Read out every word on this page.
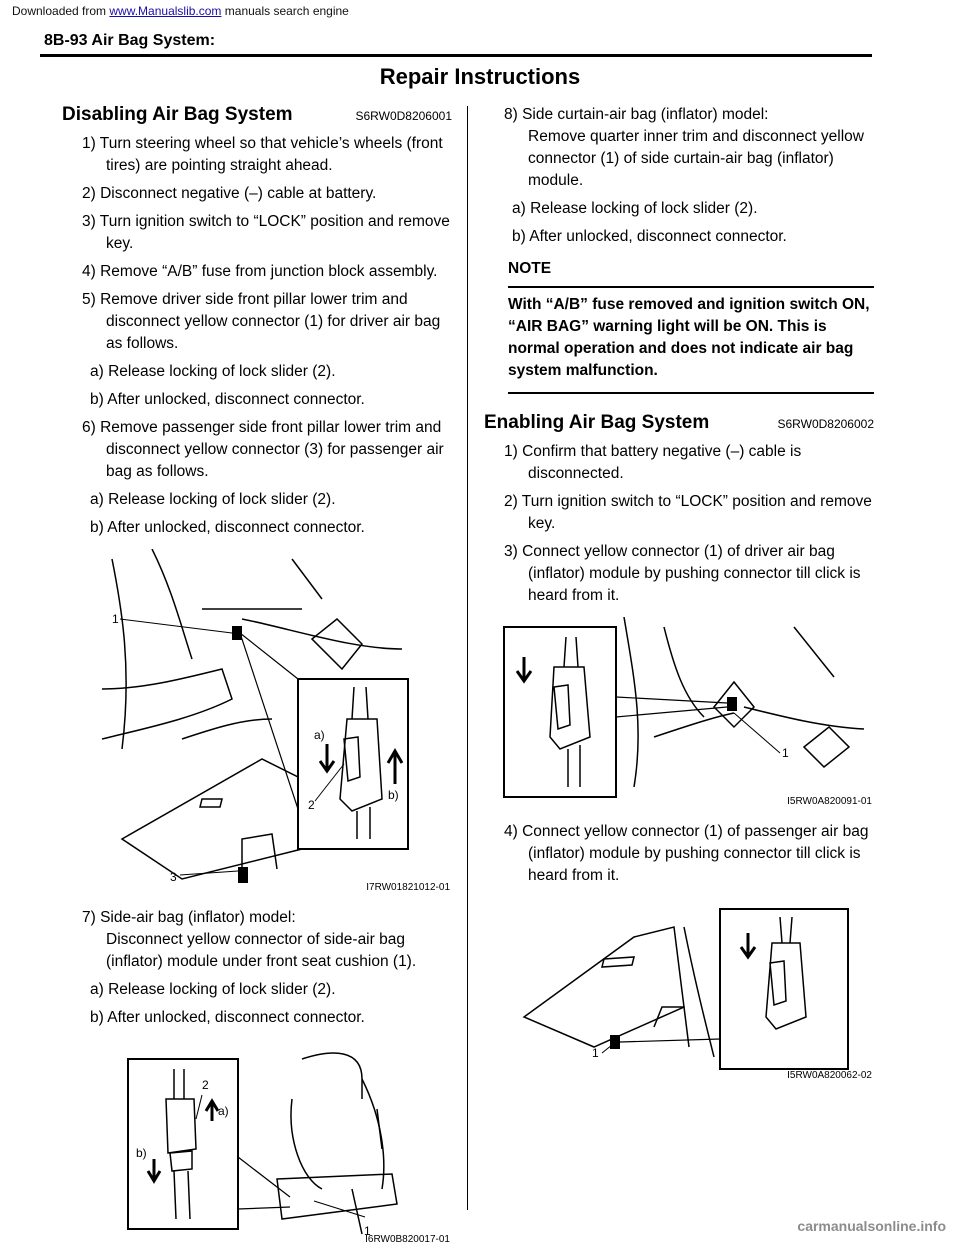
Downloaded from www.Manualslib.com manuals search engine
8B-93 Air Bag System:
Repair Instructions
Disabling Air Bag System	S6RW0D8206001

1) Turn steering wheel so that vehicle’s wheels (front tires) are pointing straight ahead.

2) Disconnect negative (–) cable at battery.

3) Turn ignition switch to “LOCK” position and remove key.

4) Remove “A/B” fuse from junction block assembly.

5) Remove driver side front pillar lower trim and disconnect yellow connector (1) for driver air bag as follows.

a) Release locking of lock slider (2).

b) After unlocked, disconnect connector.

6) Remove passenger side front pillar lower trim and disconnect yellow connector (3) for passenger air bag as follows.

a) Release locking of lock slider (2).

b) After unlocked, disconnect connector.

1
2
3
a)
b)
I7RW01821012-01

7) Side-air bag (inflator) model:
Disconnect yellow connector of side-air bag (inflator) module under front seat cushion (1).

a) Release locking of lock slider (2).

b) After unlocked, disconnect connector.

2
a)
b)
1
I6RW0B820017-01

8) Side curtain-air bag (inflator) model:
Remove quarter inner trim and disconnect yellow connector (1) of side curtain-air bag (inflator) module.

a) Release locking of lock slider (2).

b) After unlocked, disconnect connector.

NOTE
With “A/B” fuse removed and ignition switch ON, “AIR BAG” warning light will be ON. This is normal operation and does not indicate air bag system malfunction.
Enabling Air Bag System	S6RW0D8206002

1) Confirm that battery negative (–) cable is disconnected.

2) Turn ignition switch to “LOCK” position and remove key.

3) Connect yellow connector (1) of driver air bag (inflator) module by pushing connector till click is heard from it.

1
I5RW0A820091-01

4) Connect yellow connector (1) of passenger air bag (inflator) module by pushing connector till click is heard from it.

1
I5RW0A820062-02
carmanualsonline.info
